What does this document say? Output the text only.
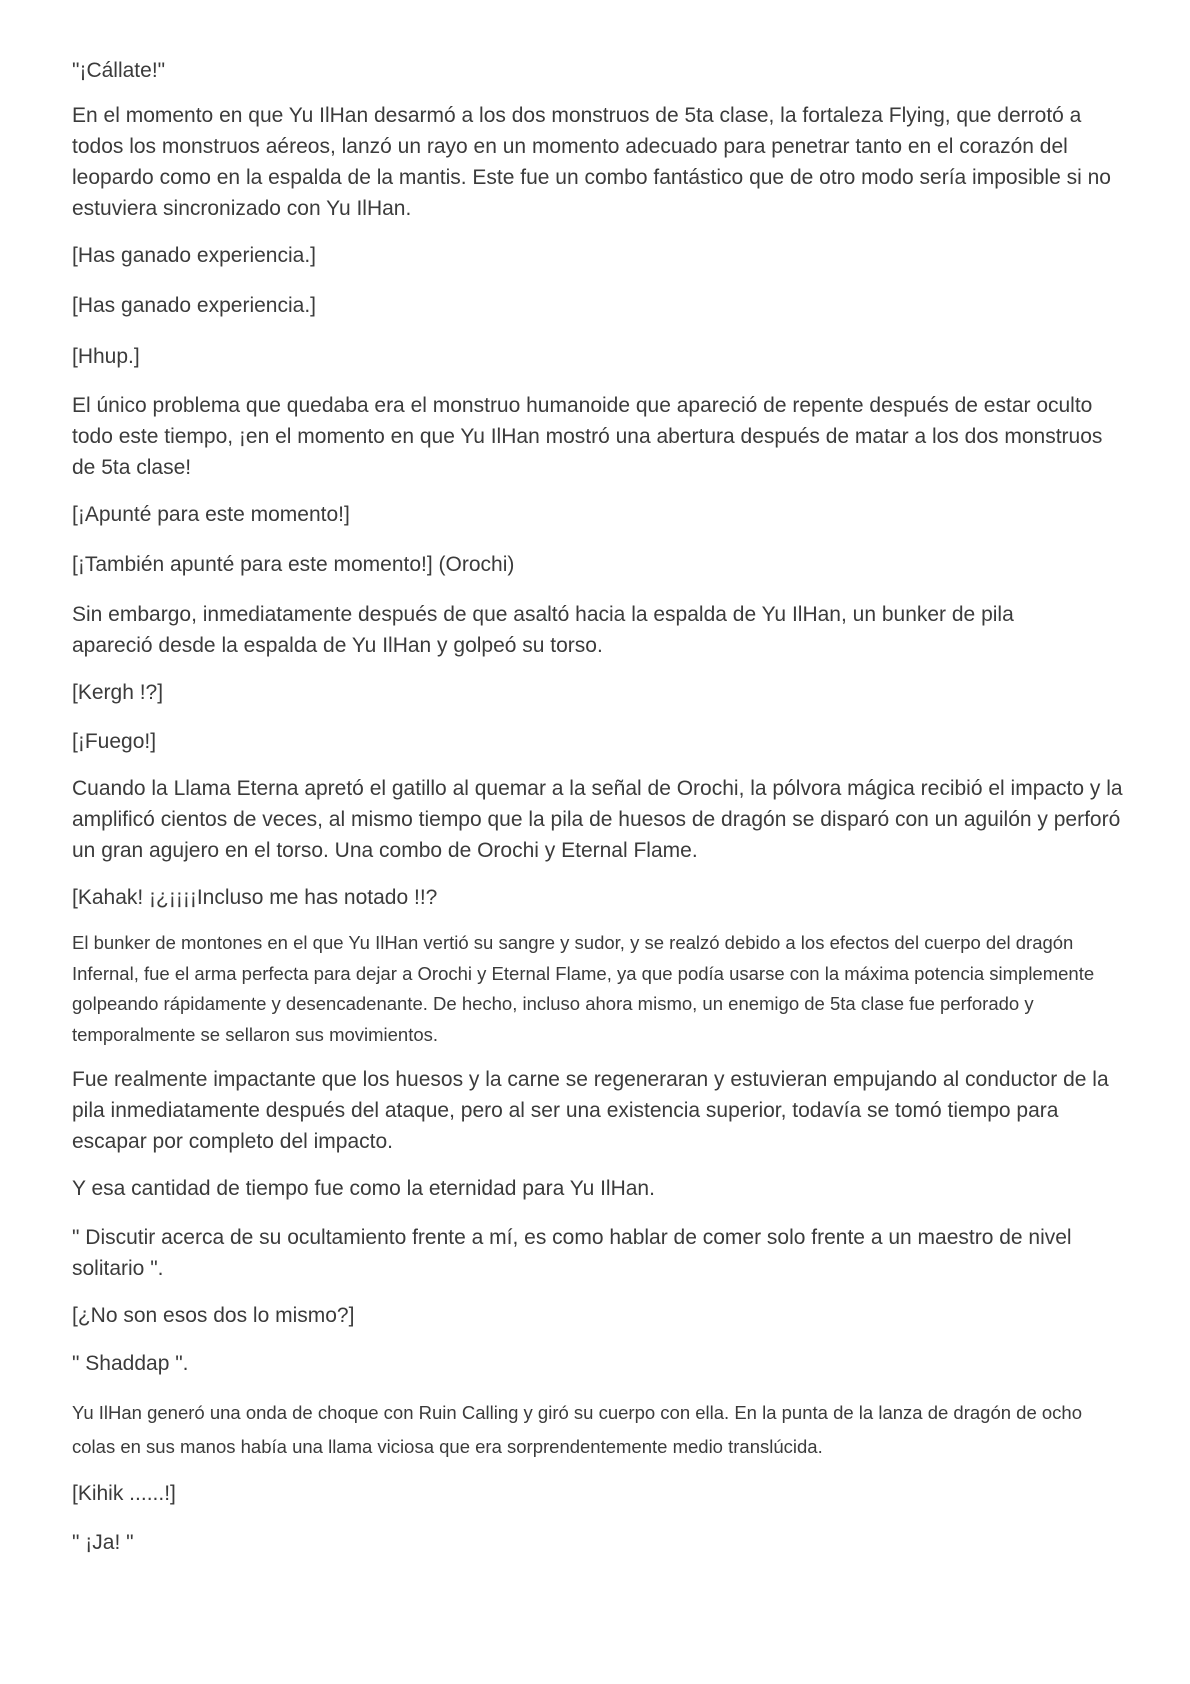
"¡Cállate!"

En el momento en que Yu IlHan desarmó a los dos monstruos de 5ta clase, la fortaleza Flying, que derrotó a todos los monstruos aéreos, lanzó un rayo en un momento adecuado para penetrar tanto en el corazón del leopardo como en la espalda de la mantis. Este fue un combo fantástico que de otro modo sería imposible si no estuviera sincronizado con Yu IlHan.

[Has ganado experiencia.]

[Has ganado experiencia.]

[Hhup.]

El único problema que quedaba era el monstruo humanoide que apareció de repente después de estar oculto todo este tiempo, ¡en el momento en que Yu IlHan mostró una abertura después de matar a los dos monstruos de 5ta clase!

[¡Apunté para este momento!]

[¡También apunté para este momento!] (Orochi)

Sin embargo, inmediatamente después de que asaltó hacia la espalda de Yu IlHan, un bunker de pila apareció desde la espalda de Yu IlHan y golpeó su torso.

[Kergh !?]

[¡Fuego!]

Cuando la Llama Eterna apretó el gatillo al quemar a la señal de Orochi, la pólvora mágica recibió el impacto y la amplificó cientos de veces, al mismo tiempo que la pila de huesos de dragón se disparó con un aguilón y perforó un gran agujero en el torso. Una combo de Orochi y Eternal Flame.

[Kahak! ¡¿¡¡¡¡Incluso me has notado !!?

El bunker de montones en el que Yu IlHan vertió su sangre y sudor, y se realzó debido a los efectos del cuerpo del dragón Infernal, fue el arma perfecta para dejar a Orochi y Eternal Flame, ya que podía usarse con la máxima potencia simplemente golpeando rápidamente y desencadenante. De hecho, incluso ahora mismo, un enemigo de 5ta clase fue perforado y temporalmente se sellaron sus movimientos.

Fue realmente impactante que los huesos y la carne se regeneraran y estuvieran empujando al conductor de la pila inmediatamente después del ataque, pero al ser una existencia superior, todavía se tomó tiempo para escapar por completo del impacto.

Y esa cantidad de tiempo fue como la eternidad para Yu IlHan.

" Discutir acerca de su ocultamiento frente a mí, es como hablar de comer solo frente a un maestro de nivel solitario ".

[¿No son esos dos lo mismo?]

" Shaddap ".

Yu IlHan generó una onda de choque con Ruin Calling y giró su cuerpo con ella. En la punta de la lanza de dragón de ocho colas en sus manos había una llama viciosa que era sorprendentemente medio translúcida.

[Kihik ......!]

" ¡Ja! "
